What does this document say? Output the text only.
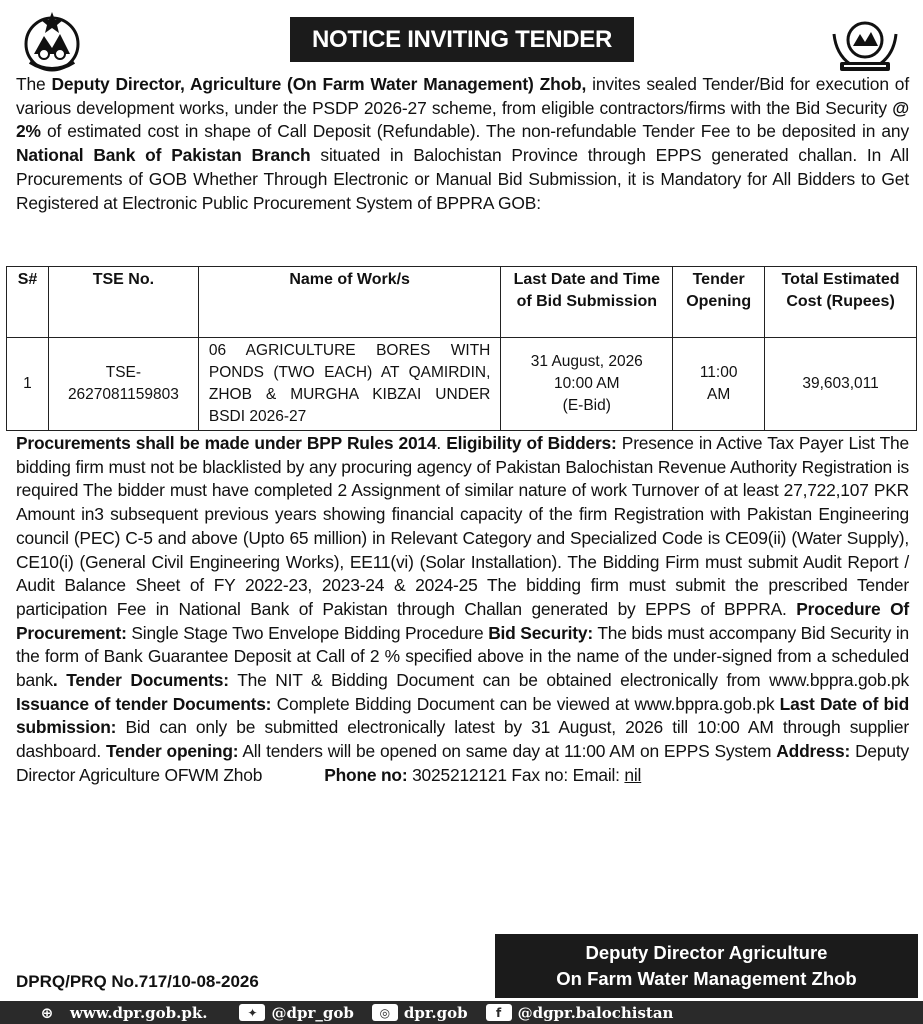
NOTICE INVITING TENDER
The Deputy Director, Agriculture (On Farm Water Management) Zhob, invites sealed Tender/Bid for execution of various development works, under the PSDP 2026-27 scheme, from eligible contractors/firms with the Bid Security @ 2% of estimated cost in shape of Call Deposit (Refundable). The non-refundable Tender Fee to be deposited in any National Bank of Pakistan Branch situated in Balochistan Province through EPPS generated challan. In All Procurements of GOB Whether Through Electronic or Manual Bid Submission, it is Mandatory for All Bidders to Get Registered at Electronic Public Procurement System of BPPRA GOB:
S#	TSE No.	Name of Work/s	Last Date and Time of Bid Submission	Tender Opening	Total Estimated Cost (Rupees)
1	TSE-
2627081159803	06 AGRICULTURE BORES WITH PONDS (TWO EACH) AT QAMIRDIN, ZHOB & MURGHA KIBZAI UNDER BSDI 2026-27	31 August, 2026
10:00 AM
(E-Bid)	11:00
AM	39,603,011
Procurements shall be made under BPP Rules 2014. Eligibility of Bidders: Presence in Active Tax Payer List The bidding firm must not be blacklisted by any procuring agency of Pakistan Balochistan Revenue Authority Registration is required The bidder must have completed 2 Assignment of similar nature of work Turnover of at least 27,722,107 PKR Amount in3 subsequent previous years showing financial capacity of the firm Registration with Pakistan Engineering council (PEC) C-5 and above (Upto 65 million) in Relevant Category and Specialized Code is CE09(ii) (Water Supply), CE10(i) (General Civil Engineering Works), EE11(vi) (Solar Installation). The Bidding Firm must submit Audit Report / Audit Balance Sheet of FY 2022-23, 2023-24 & 2024-25 The bidding firm must submit the prescribed Tender participation Fee in National Bank of Pakistan through Challan generated by EPPS of BPPRA. Procedure Of Procurement: Single Stage Two Envelope Bidding Procedure Bid Security: The bids must accompany Bid Security in the form of Bank Guarantee Deposit at Call of 2 % specified above in the name of the under-signed from a scheduled bank. Tender Documents: The NIT & Bidding Document can be obtained electronically from www.bppra.gob.pk Issuance of tender Documents: Complete Bidding Document can be viewed at www.bppra.gob.pk Last Date of bid submission: Bid can only be submitted electronically latest by 31 August, 2026 till 10:00 AM through supplier dashboard. Tender opening: All tenders will be opened on same day at 11:00 AM on EPPS System Address: Deputy Director Agriculture OFWM Zhob	Phone no: 3025212121 Fax no: Email: nil
Deputy Director Agriculture
On Farm Water Management Zhob
DPRQ/PRQ No.717/10-08-2026
⊕	www.dpr.gob.pk.	✦ @dpr_gob	◎ dpr.gob	f	@dgpr.balochistan
